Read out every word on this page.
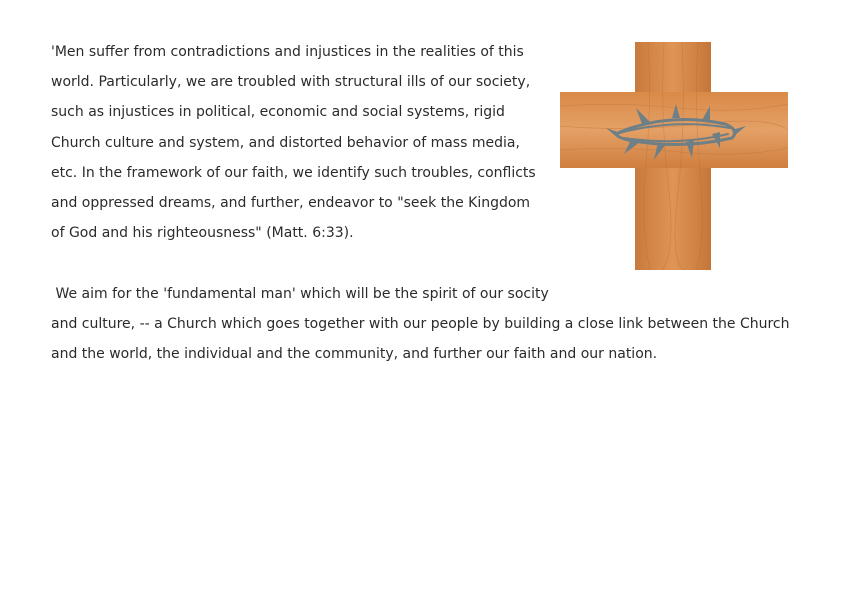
'Men suffer from contradictions and injustices in the realities of this
world. Particularly, we are troubled with structural ills of our society,
such as injustices in political, economic and social systems, rigid
Church culture and system, and distorted behavior of mass media,
etc. In the framework of our faith, we identify such troubles, conflicts
and oppressed dreams, and further, endeavor to "seek the Kingdom
of God and his righteousness" (Matt. 6:33).
We aim for the 'fundamental man' which will be the spirit of our socity
and culture, -- a Church which goes together with our people by building a close link between the Church
and the world, the individual and the community, and further our faith and our nation.
